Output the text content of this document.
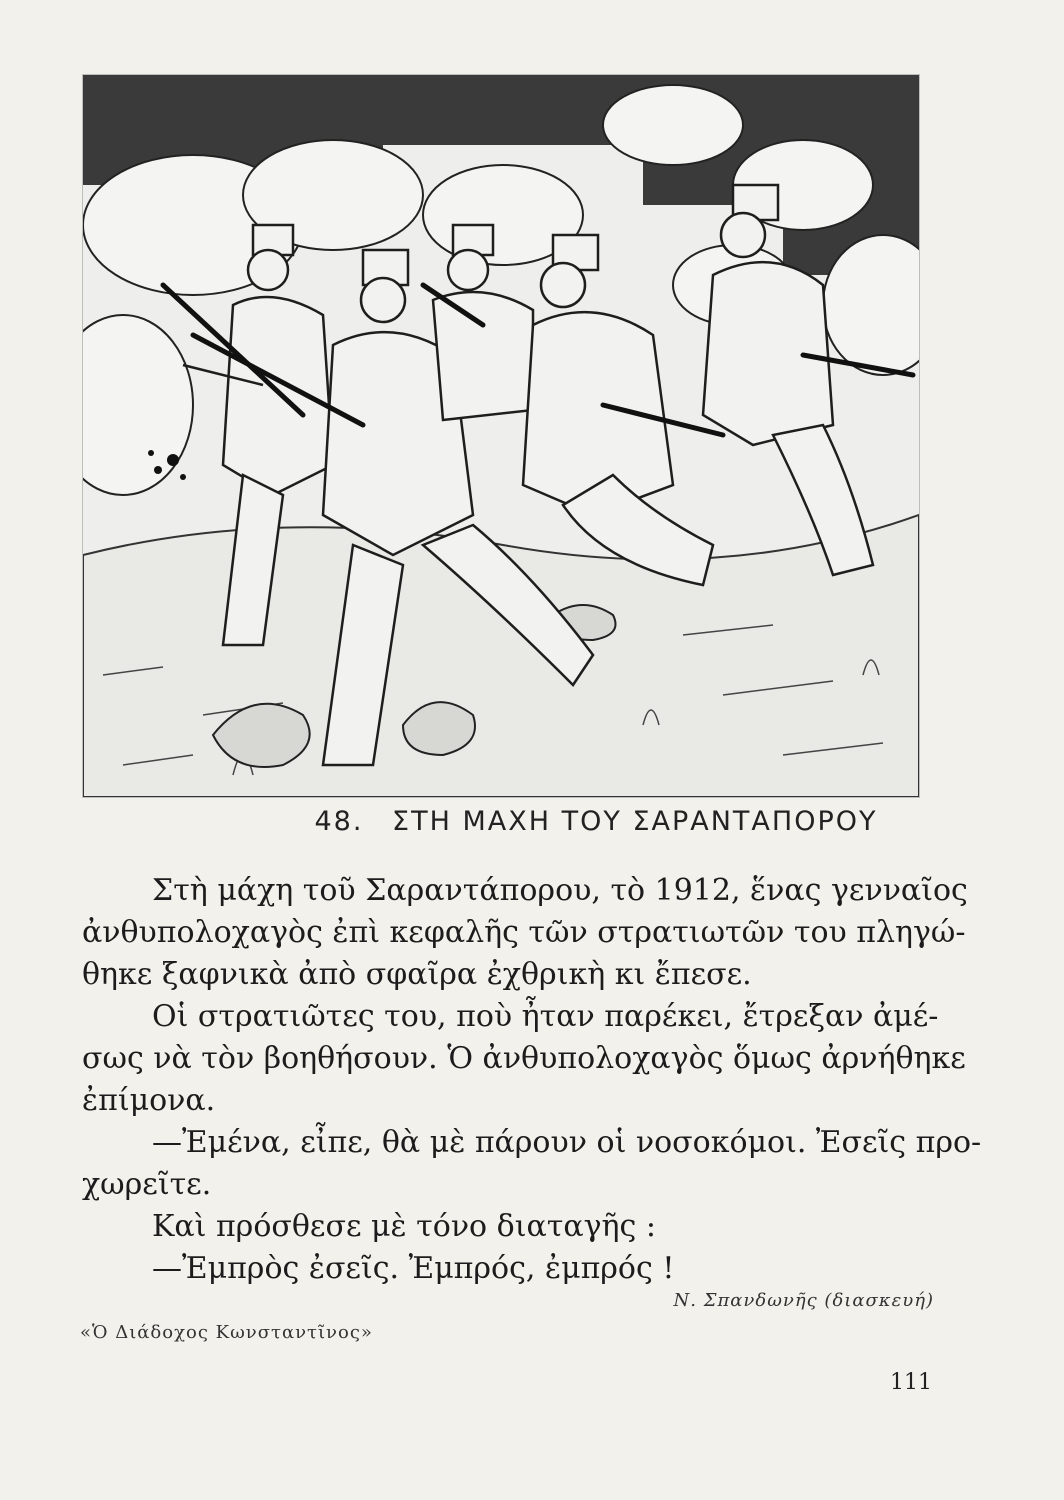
48. ΣΤΗ ΜΑΧΗ ΤΟΥ ΣΑΡΑΝΤΑΠΟΡΟΥ

Στὴ μάχη τοῦ Σαραντάπορου, τὸ 1912, ἕνας γενναῖος
ἀνθυπολοχαγὸς ἐπὶ κεφαλῆς τῶν στρατιωτῶν του πληγώ-
θηκε ξαφνικὰ ἀπὸ σφαῖρα ἐχθρικὴ κι ἔπεσε.

Οἱ στρατιῶτες του, ποὺ ἦταν παρέκει, ἔτρεξαν ἀμέ-
σως νὰ τὸν βοηθήσουν. Ὁ ἀνθυπολοχαγὸς ὅμως ἀρνήθηκε
ἐπίμονα.

—Ἐμένα, εἶπε, θὰ μὲ πάρουν οἱ νοσοκόμοι. Ἐσεῖς προ-
χωρεῖτε.

Καὶ πρόσθεσε μὲ τόνο διαταγῆς :

—Ἐμπρὸς ἐσεῖς. Ἐμπρός, ἐμπρός !

Ν. Σπανδωνῆς (διασκευή)
«Ὁ Διάδοχος Κωνσταντῖνος»
111
